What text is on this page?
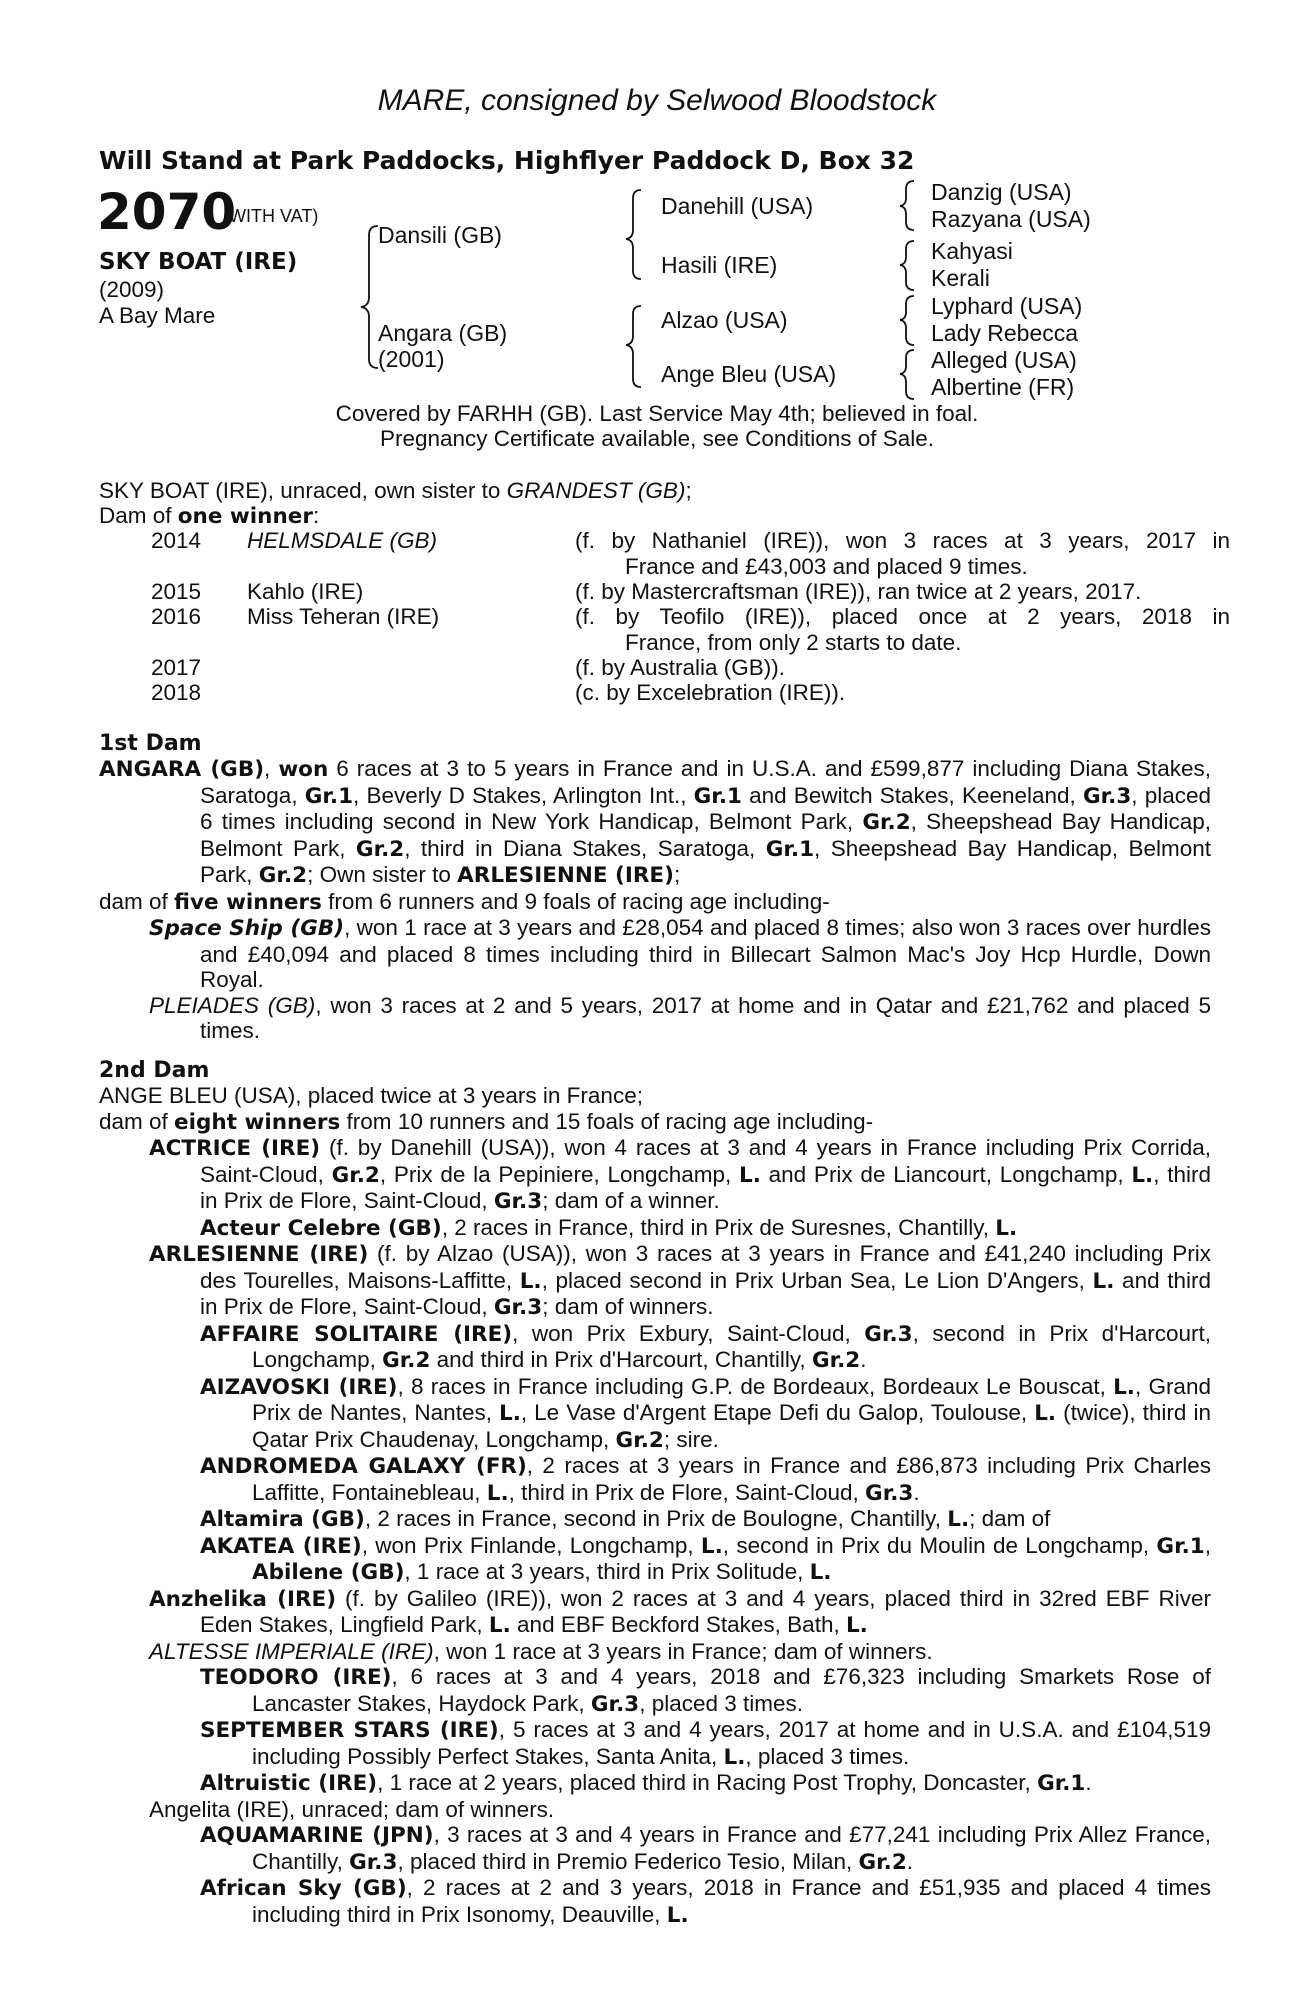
MARE, consigned by Selwood Bloodstock
Will Stand at Park Paddocks, Highflyer Paddock D, Box 32
2070
(WITH VAT)
SKY BOAT (IRE)
(2009)
A Bay Mare
Dansili (GB)
Angara (GB)
(2001)
Danehill (USA)
Hasili (IRE)
Alzao (USA)
Ange Bleu (USA)
Danzig (USA)
Razyana (USA)
Kahyasi
Kerali
Lyphard (USA)
Lady Rebecca
Alleged (USA)
Albertine (FR)
Covered by FARHH (GB). Last Service May 4th; believed in foal.
Pregnancy Certificate available, see Conditions of Sale.
SKY BOAT (IRE), unraced, own sister to GRANDEST (GB);
Dam of one winner:
2014 HELMSDALE (GB)	(f. by Nathaniel (IRE)), won 3 races at 3 years, 2017 in
France and £43,003 and placed 9 times.
2015 Kahlo (IRE)	(f. by Mastercraftsman (IRE)), ran twice at 2 years, 2017.
2016 Miss Teheran (IRE)	(f. by Teofilo (IRE)), placed once at 2 years, 2018 in
France, from only 2 starts to date.
2017	(f. by Australia (GB)).
2018	(c. by Excelebration (IRE)).
1st Dam
ANGARA (GB), won 6 races at 3 to 5 years in France and in U.S.A. and £599,877 including Diana Stakes, Saratoga, Gr.1, Beverly D Stakes, Arlington Int., Gr.1 and Bewitch Stakes, Keeneland, Gr.3, placed 6 times including second in New York Handicap, Belmont Park, Gr.2, Sheepshead Bay Handicap, Belmont Park, Gr.2, third in Diana Stakes, Saratoga, Gr.1, Sheepshead Bay Handicap, Belmont Park, Gr.2; Own sister to ARLESIENNE (IRE);
dam of five winners from 6 runners and 9 foals of racing age including-
Space Ship (GB), won 1 race at 3 years and £28,054 and placed 8 times; also won 3 races over hurdles and £40,094 and placed 8 times including third in Billecart Salmon Mac's Joy Hcp Hurdle, Down Royal.
PLEIADES (GB), won 3 races at 2 and 5 years, 2017 at home and in Qatar and £21,762 and placed 5 times.
2nd Dam
ANGE BLEU (USA), placed twice at 3 years in France;
dam of eight winners from 10 runners and 15 foals of racing age including-
ACTRICE (IRE) (f. by Danehill (USA)), won 4 races at 3 and 4 years in France including Prix Corrida, Saint-Cloud, Gr.2, Prix de la Pepiniere, Longchamp, L. and Prix de Liancourt, Longchamp, L., third in Prix de Flore, Saint-Cloud, Gr.3; dam of a winner.
Acteur Celebre (GB), 2 races in France, third in Prix de Suresnes, Chantilly, L.
ARLESIENNE (IRE) (f. by Alzao (USA)), won 3 races at 3 years in France and £41,240 including Prix des Tourelles, Maisons-Laffitte, L., placed second in Prix Urban Sea, Le Lion D'Angers, L. and third in Prix de Flore, Saint-Cloud, Gr.3; dam of winners.
AFFAIRE SOLITAIRE (IRE), won Prix Exbury, Saint-Cloud, Gr.3, second in Prix d'Harcourt, Longchamp, Gr.2 and third in Prix d'Harcourt, Chantilly, Gr.2.
AIZAVOSKI (IRE), 8 races in France including G.P. de Bordeaux, Bordeaux Le Bouscat, L., Grand Prix de Nantes, Nantes, L., Le Vase d'Argent Etape Defi du Galop, Toulouse, L. (twice), third in Qatar Prix Chaudenay, Longchamp, Gr.2; sire.
ANDROMEDA GALAXY (FR), 2 races at 3 years in France and £86,873 including Prix Charles Laffitte, Fontainebleau, L., third in Prix de Flore, Saint-Cloud, Gr.3.
Altamira (GB), 2 races in France, second in Prix de Boulogne, Chantilly, L.; dam of
AKATEA (IRE), won Prix Finlande, Longchamp, L., second in Prix du Moulin de Longchamp, Gr.1, Abilene (GB), 1 race at 3 years, third in Prix Solitude, L.
Anzhelika (IRE) (f. by Galileo (IRE)), won 2 races at 3 and 4 years, placed third in 32red EBF River Eden Stakes, Lingfield Park, L. and EBF Beckford Stakes, Bath, L.
ALTESSE IMPERIALE (IRE), won 1 race at 3 years in France; dam of winners.
TEODORO (IRE), 6 races at 3 and 4 years, 2018 and £76,323 including Smarkets Rose of Lancaster Stakes, Haydock Park, Gr.3, placed 3 times.
SEPTEMBER STARS (IRE), 5 races at 3 and 4 years, 2017 at home and in U.S.A. and £104,519 including Possibly Perfect Stakes, Santa Anita, L., placed 3 times.
Altruistic (IRE), 1 race at 2 years, placed third in Racing Post Trophy, Doncaster, Gr.1.
Angelita (IRE), unraced; dam of winners.
AQUAMARINE (JPN), 3 races at 3 and 4 years in France and £77,241 including Prix Allez France, Chantilly, Gr.3, placed third in Premio Federico Tesio, Milan, Gr.2.
African Sky (GB), 2 races at 2 and 3 years, 2018 in France and £51,935 and placed 4 times including third in Prix Isonomy, Deauville, L.
